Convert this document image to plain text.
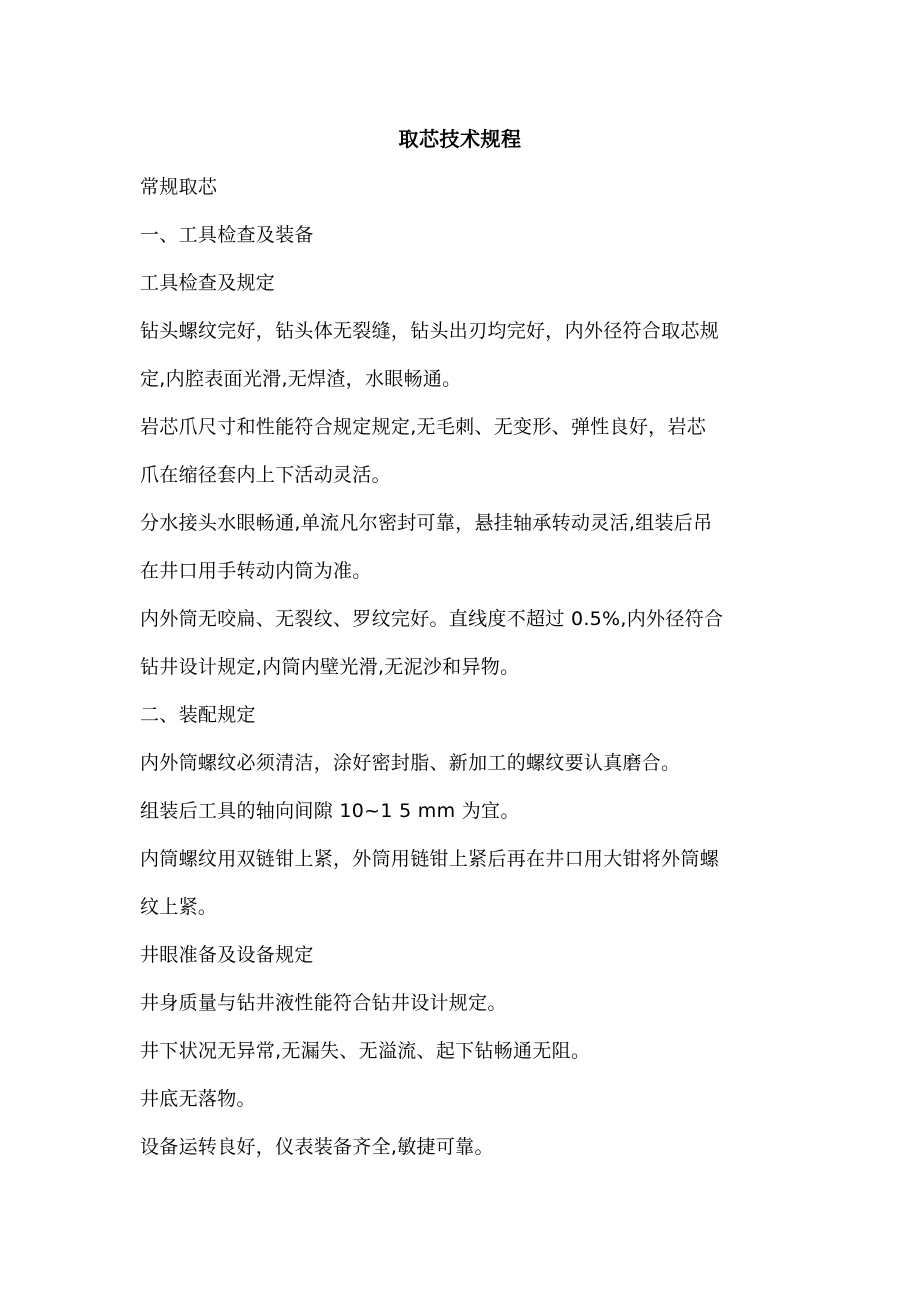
取芯技术规程
常规取芯
一、工具检查及装备
工具检查及规定
钻头螺纹完好，钻头体无裂缝，钻头出刃均完好，内外径符合取芯规
定,内腔表面光滑,无焊渣，水眼畅通。
岩芯爪尺寸和性能符合规定规定,无毛刺、无变形、弹性良好，岩芯
爪在缩径套内上下活动灵活。
分水接头水眼畅通,单流凡尔密封可靠，悬挂轴承转动灵活,组装后吊
在井口用手转动内筒为准。
内外筒无咬扁、无裂纹、罗纹完好。直线度不超过 0.5%,内外径符合
钻井设计规定,内筒内壁光滑,无泥沙和异物。
二、装配规定
内外筒螺纹必须清洁，涂好密封脂、新加工的螺纹要认真磨合。
组装后工具的轴向间隙 10~1 5 mm 为宜。
内筒螺纹用双链钳上紧，外筒用链钳上紧后再在井口用大钳将外筒螺
纹上紧。
井眼准备及设备规定
井身质量与钻井液性能符合钻井设计规定。
井下状况无异常,无漏失、无溢流、起下钻畅通无阻。
井底无落物。
设备运转良好，仪表装备齐全,敏捷可靠。
